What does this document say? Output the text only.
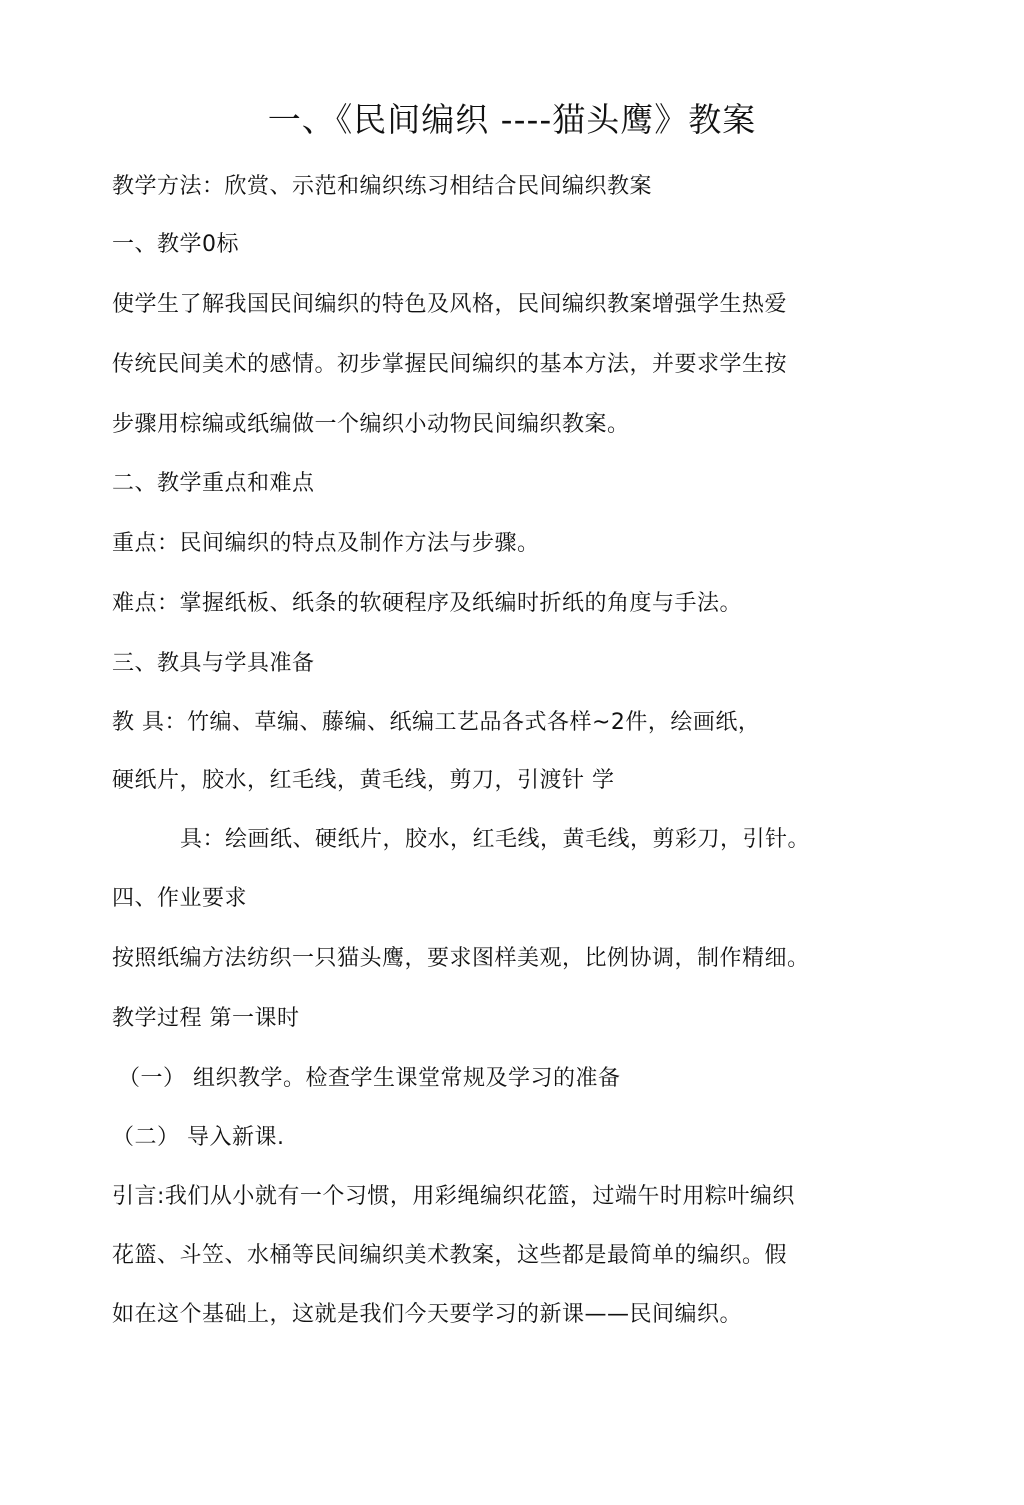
一、《民间编织 ----猫头鹰》教案
教学方法：欣赏、示范和编织练习相结合民间编织教案
一、教学0标
使学生了解我国民间编织的特色及风格，民间编织教案增强学生热爱
传统民间美术的感情。初步掌握民间编织的基本方法，并要求学生按
步骤用棕编或纸编做一个编织小动物民间编织教案。
二、教学重点和难点
重点：民间编织的特点及制作方法与步骤。
难点：掌握纸板、纸条的软硬程序及纸编时折纸的角度与手法。
三、教具与学具准备
教 具：竹编、草编、藤编、纸编工艺品各式各样~2件，绘画纸，
硬纸片，胶水，红毛线，黄毛线，剪刀，引渡针 学
具：绘画纸、硬纸片，胶水，红毛线，黄毛线，剪彩刀，引针。
四、作业要求
按照纸编方法纺织一只猫头鹰，要求图样美观，比例协调，制作精细。
教学过程 第一课时
（一） 组织教学。检查学生课堂常规及学习的准备
（二） 导入新课.
引言:我们从小就有一个习惯，用彩绳编织花篮，过端午时用粽叶编织
花篮、斗笠、水桶等民间编织美术教案，这些都是最简单的编织。假
如在这个基础上，这就是我们今天要学习的新课——民间编织。
